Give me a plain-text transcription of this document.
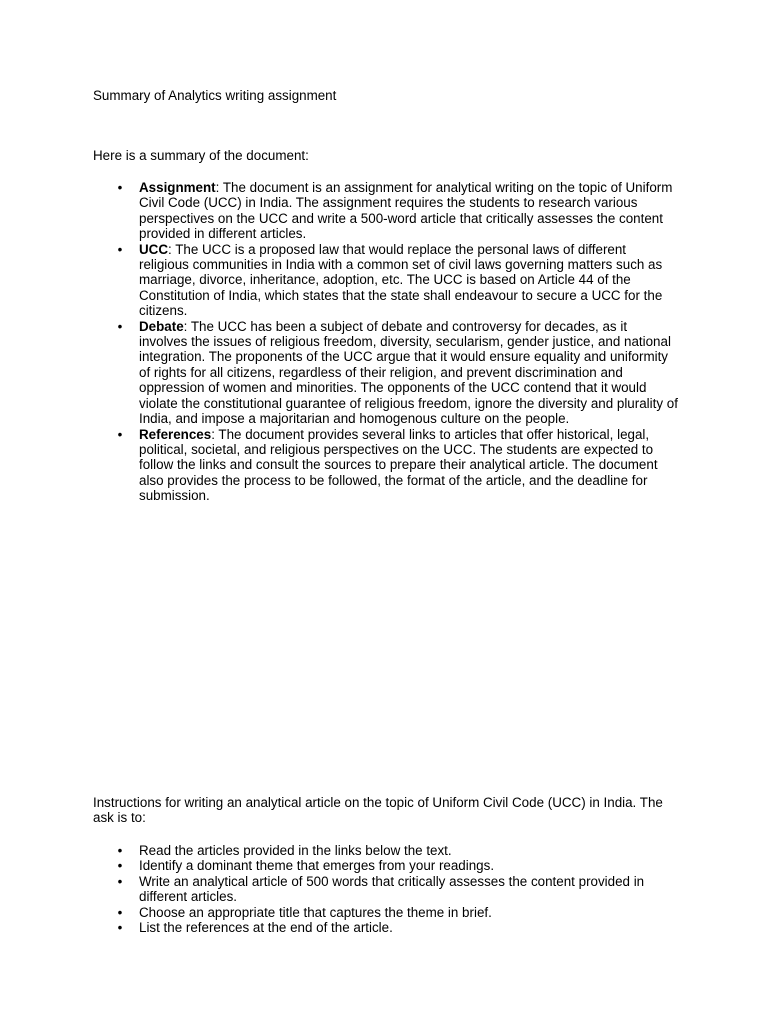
Summary of Analytics writing assignment

Here is a summary of the document:

• Assignment: The document is an assignment for analytical writing on the topic of Uniform Civil Code (UCC) in India. The assignment requires the students to research various perspectives on the UCC and write a 500-word article that critically assesses the content provided in different articles.
• UCC: The UCC is a proposed law that would replace the personal laws of different religious communities in India with a common set of civil laws governing matters such as marriage, divorce, inheritance, adoption, etc. The UCC is based on Article 44 of the Constitution of India, which states that the state shall endeavour to secure a UCC for the citizens.
• Debate: The UCC has been a subject of debate and controversy for decades, as it involves the issues of religious freedom, diversity, secularism, gender justice, and national integration. The proponents of the UCC argue that it would ensure equality and uniformity of rights for all citizens, regardless of their religion, and prevent discrimination and oppression of women and minorities. The opponents of the UCC contend that it would violate the constitutional guarantee of religious freedom, ignore the diversity and plurality of India, and impose a majoritarian and homogenous culture on the people.
• References: The document provides several links to articles that offer historical, legal, political, societal, and religious perspectives on the UCC. The students are expected to follow the links and consult the sources to prepare their analytical article. The document also provides the process to be followed, the format of the article, and the deadline for submission.

Instructions for writing an analytical article on the topic of Uniform Civil Code (UCC) in India. The ask is to:

• Read the articles provided in the links below the text.
• Identify a dominant theme that emerges from your readings.
• Write an analytical article of 500 words that critically assesses the content provided in different articles.
• Choose an appropriate title that captures the theme in brief.
• List the references at the end of the article.
